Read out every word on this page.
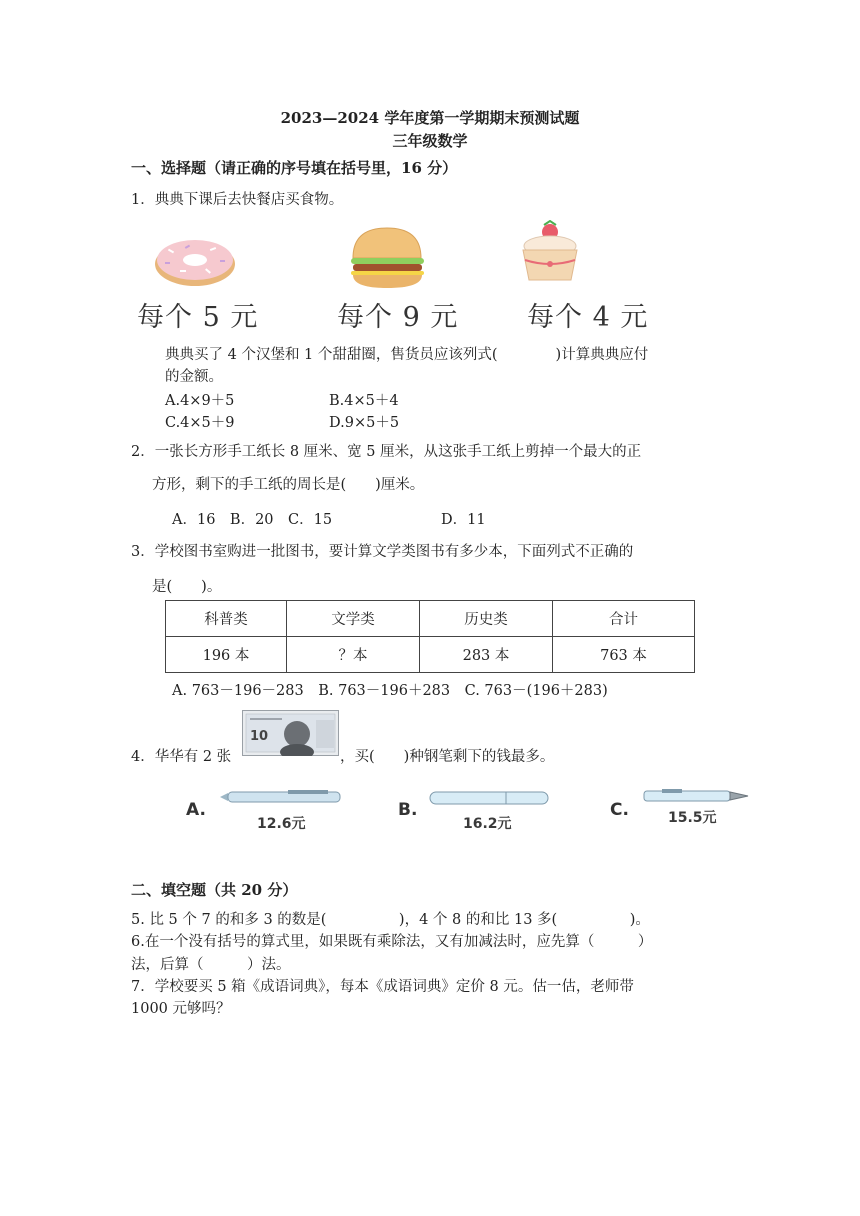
2023—2024 学年度第一学期期末预测试题
三年级数学
一、选择题（请正确的序号填在括号里，16 分）
1．典典下课后去快餐店买食物。
每个 5 元	每个 9 元	每个 4 元
典典买了 4 个汉堡和 1 个甜甜圈，售货员应该列式(　　　　)计算典典应付
的金额。
A.4×9＋5	B.4×5＋4
C.4×5＋9	D.9×5＋5
2．一张长方形手工纸长 8 厘米、宽 5 厘米，从这张手工纸上剪掉一个最大的正
方形，剩下的手工纸的周长是(　　)厘米。
A．16　B．20　C．15	D．11
3．学校图书室购进一批图书，要计算文学类图书有多少本，下面列式不正确的
是(　　)。
科普类	文学类	历史类	合计
196 本	？本	283 本	763 本
A. 763－196－283　B. 763－196＋283　C. 763－(196＋283)
4．华华有 2 张
10
，买(　　)种钢笔剩下的钱最多。
A.
12.6元
B.
16.2元
C.	15.5元
二、填空题（共 20 分）
5. 比 5 个 7 的和多 3 的数是(　　　　　)，4 个 8 的和比 13 多(　　　　　)。
6.在一个没有括号的算式里，如果既有乘除法，又有加减法时，应先算（　　　）
法，后算（　　　）法。
7．学校要买 5 箱《成语词典》，每本《成语词典》定价 8 元。估一估，老师带
1000 元够吗？
